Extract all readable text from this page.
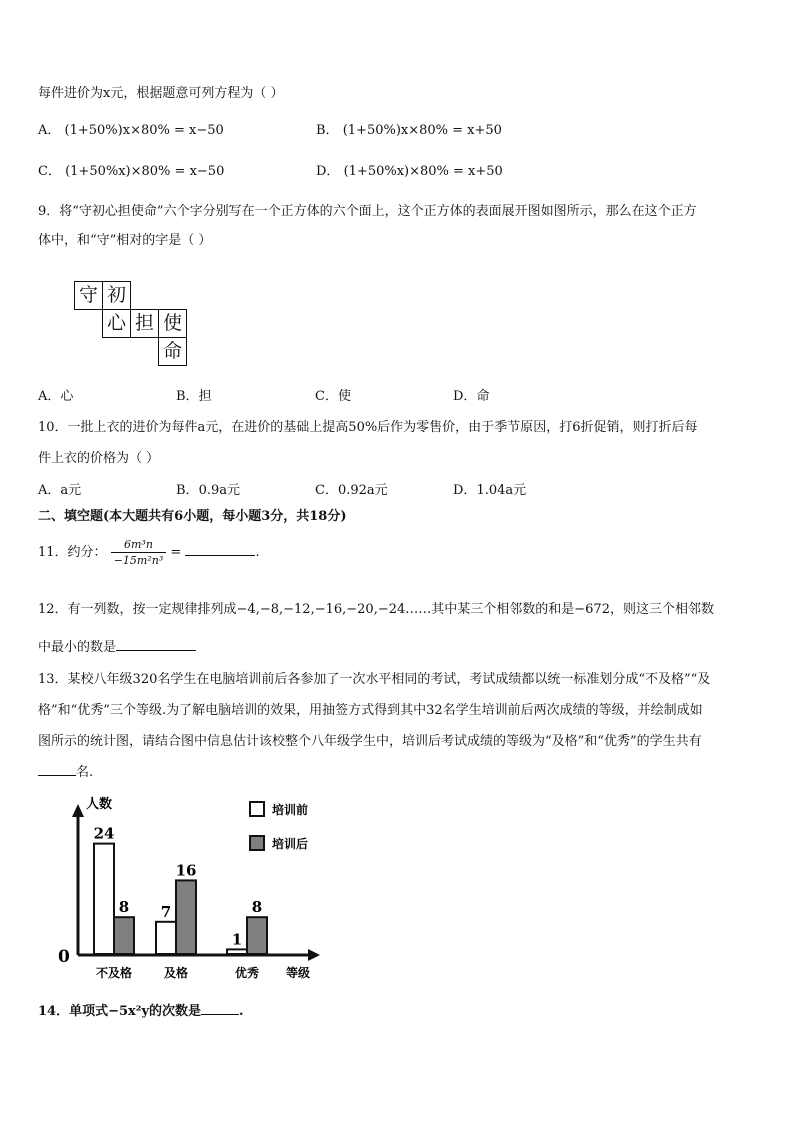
每件进价为x元，根据题意可列方程为（ ）
A． (1+50%)x×80% = x−50	B． (1+50%)x×80% = x+50
C． (1+50%x)×80% = x−50	D． (1+50%x)×80% = x+50
9．将“守初心担使命”六个字分别写在一个正方体的六个面上，这个正方体的表面展开图如图所示，那么在这个正方
体中，和“守”相对的字是（ ）
守 初
心 担 使
命
A．心	B．担	C．使	D．命
10．一批上衣的进价为每件a元，在进价的基础上提高50%后作为零售价，由于季节原因，打6折促销，则打折后每
件上衣的价格为（ ）
A．a元	B．0.9a元	C．0.92a元	D．1.04a元
二、填空题(本大题共有6小题，每小题3分，共18分)
11．约分： $\frac{\text{6m³n}}{\text{−15m²n³}}$ =	.
12．有一列数，按一定规律排列成−4,−8,−12,−16,−20,−24……其中某三个相邻数的和是−672，则这三个相邻数
中最小的数是
13．某校八年级320名学生在电脑培训前后各参加了一次水平相同的考试，考试成绩都以统一标准划分成“不及格”“及
格”和“优秀”三个等级.为了解电脑培训的效果，用抽签方式得到其中32名学生培训前后两次成绩的等级，并绘制成如
图所示的统计图，请结合图中信息估计该校整个八年级学生中，培训后考试成绩的等级为“及格”和“优秀”的学生共有
名.
人数
0
等级
24
8
不及格
7
16
及格
1
8
优秀
培训前
培训后
14．单项式−5x²y的次数是	.
